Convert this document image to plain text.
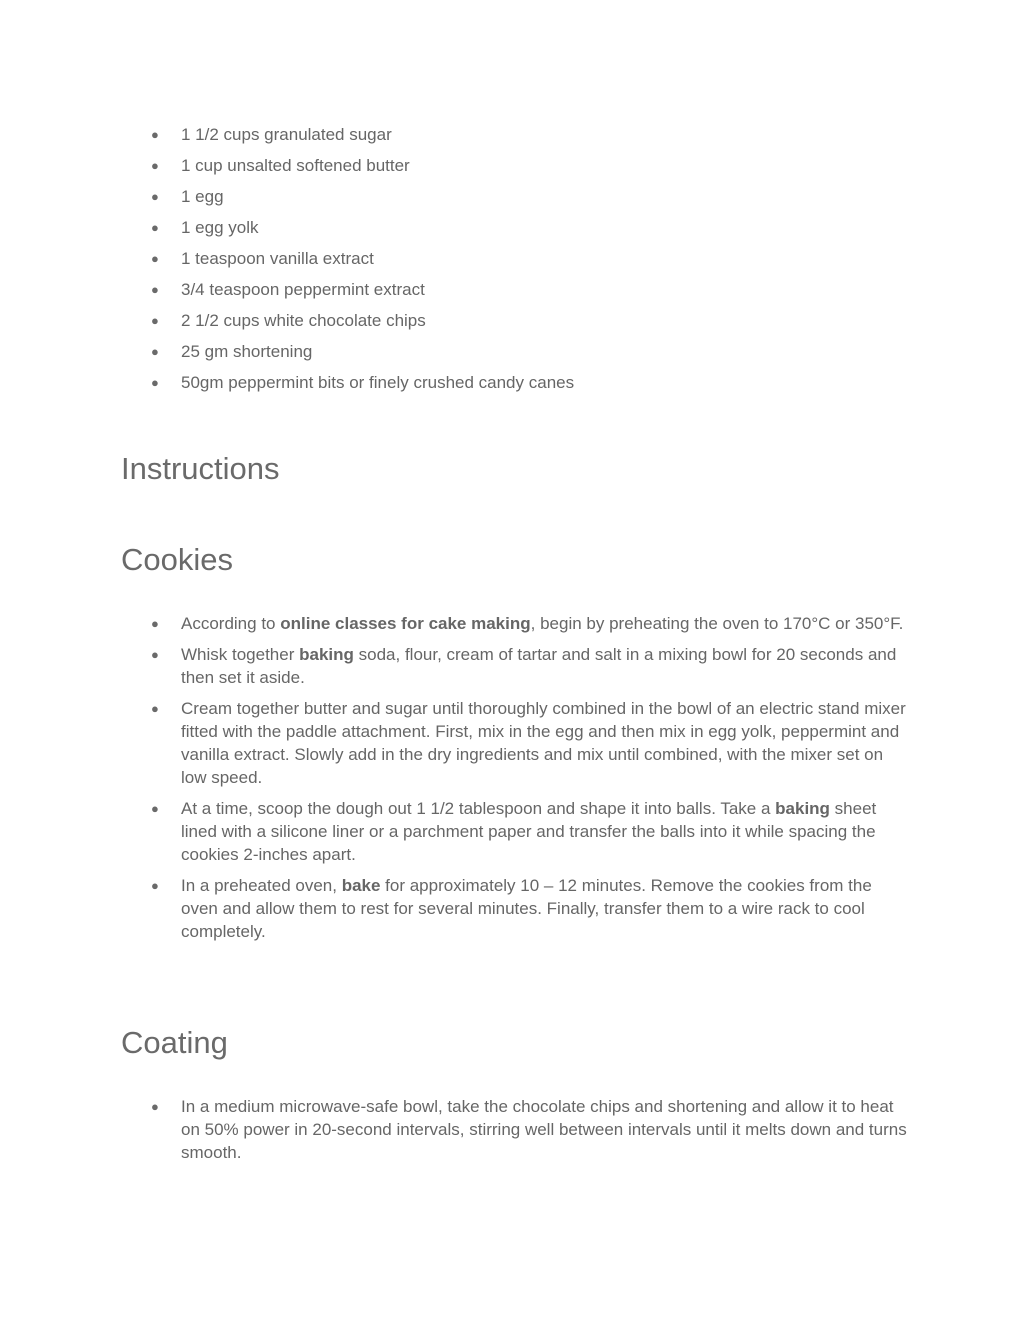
● 1 1/2 cups granulated sugar
● 1 cup unsalted softened butter
● 1 egg
● 1 egg yolk
● 1 teaspoon vanilla extract
● 3/4 teaspoon peppermint extract
● 2 1/2 cups white chocolate chips
● 25 gm shortening
● 50gm peppermint bits or finely crushed candy canes
Instructions
Cookies
● According to online classes for cake making, begin by preheating the oven to 170°C or 350°F.
● Whisk together baking soda, flour, cream of tartar and salt in a mixing bowl for 20 seconds and then set it aside.
● Cream together butter and sugar until thoroughly combined in the bowl of an electric stand mixer fitted with the paddle attachment. First, mix in the egg and then mix in egg yolk, peppermint and vanilla extract. Slowly add in the dry ingredients and mix until combined, with the mixer set on low speed.
● At a time, scoop the dough out 1 1/2 tablespoon and shape it into balls. Take a baking sheet lined with a silicone liner or a parchment paper and transfer the balls into it while spacing the cookies 2-inches apart.
● In a preheated oven, bake for approximately 10 – 12 minutes. Remove the cookies from the oven and allow them to rest for several minutes. Finally, transfer them to a wire rack to cool completely.
Coating
● In a medium microwave-safe bowl, take the chocolate chips and shortening and allow it to heat on 50% power in 20-second intervals, stirring well between intervals until it melts down and turns smooth.
